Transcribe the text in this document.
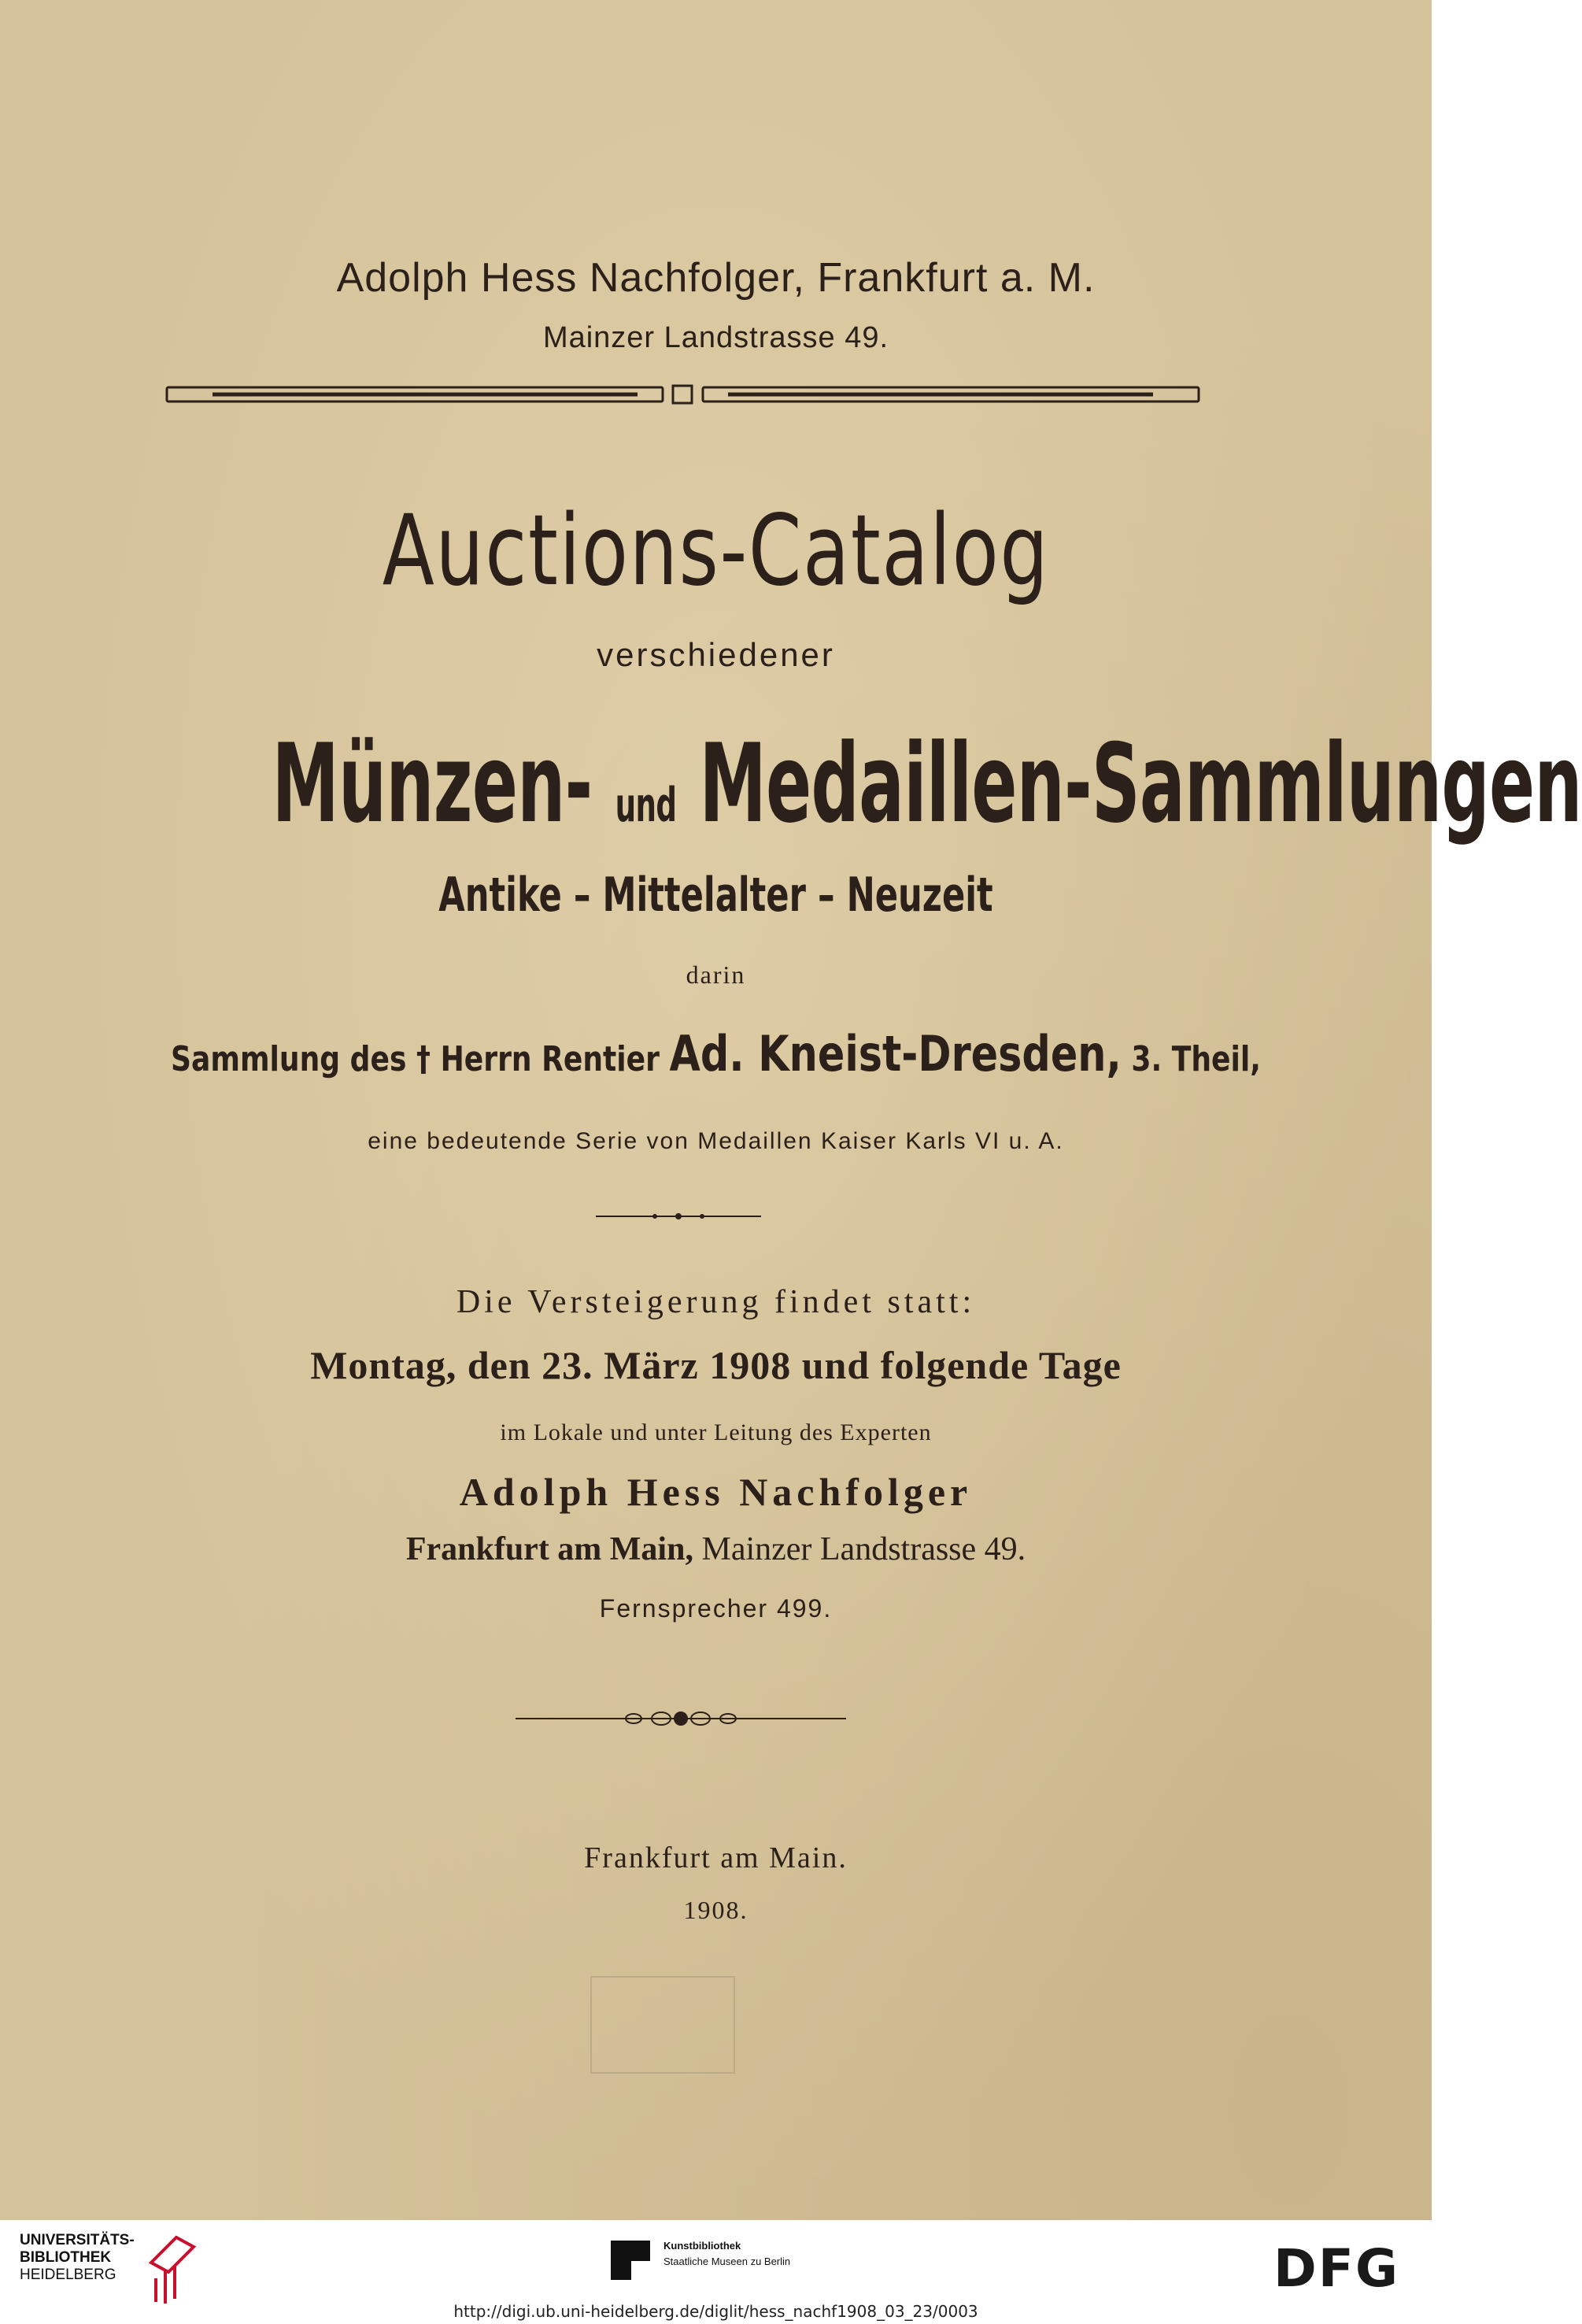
Adolph Hess Nachfolger, Frankfurt a. M.
Mainzer Landstrasse 49.
Auctions-Catalog
verschiedener
Münzen- und Medaillen-Sammlungen
Antike – Mittelalter – Neuzeit
darin
Sammlung des † Herrn Rentier Ad. Kneist-Dresden, 3. Theil,
eine bedeutende Serie von Medaillen Kaiser Karls VI u. A.
Die Versteigerung findet statt:
Montag, den 23. März 1908 und folgende Tage
im Lokale und unter Leitung des Experten
Adolph Hess Nachfolger
Frankfurt am Main, Mainzer Landstrasse 49.
Fernsprecher 499.
Frankfurt am Main.
1908.
UNIVERSITÄTS-
BIBLIOTHEK
HEIDELBERG
Kunstbibliothek
Staatliche Museen zu Berlin	DFG
http://digi.ub.uni-heidelberg.de/diglit/hess_nachf1908_03_23/0003
